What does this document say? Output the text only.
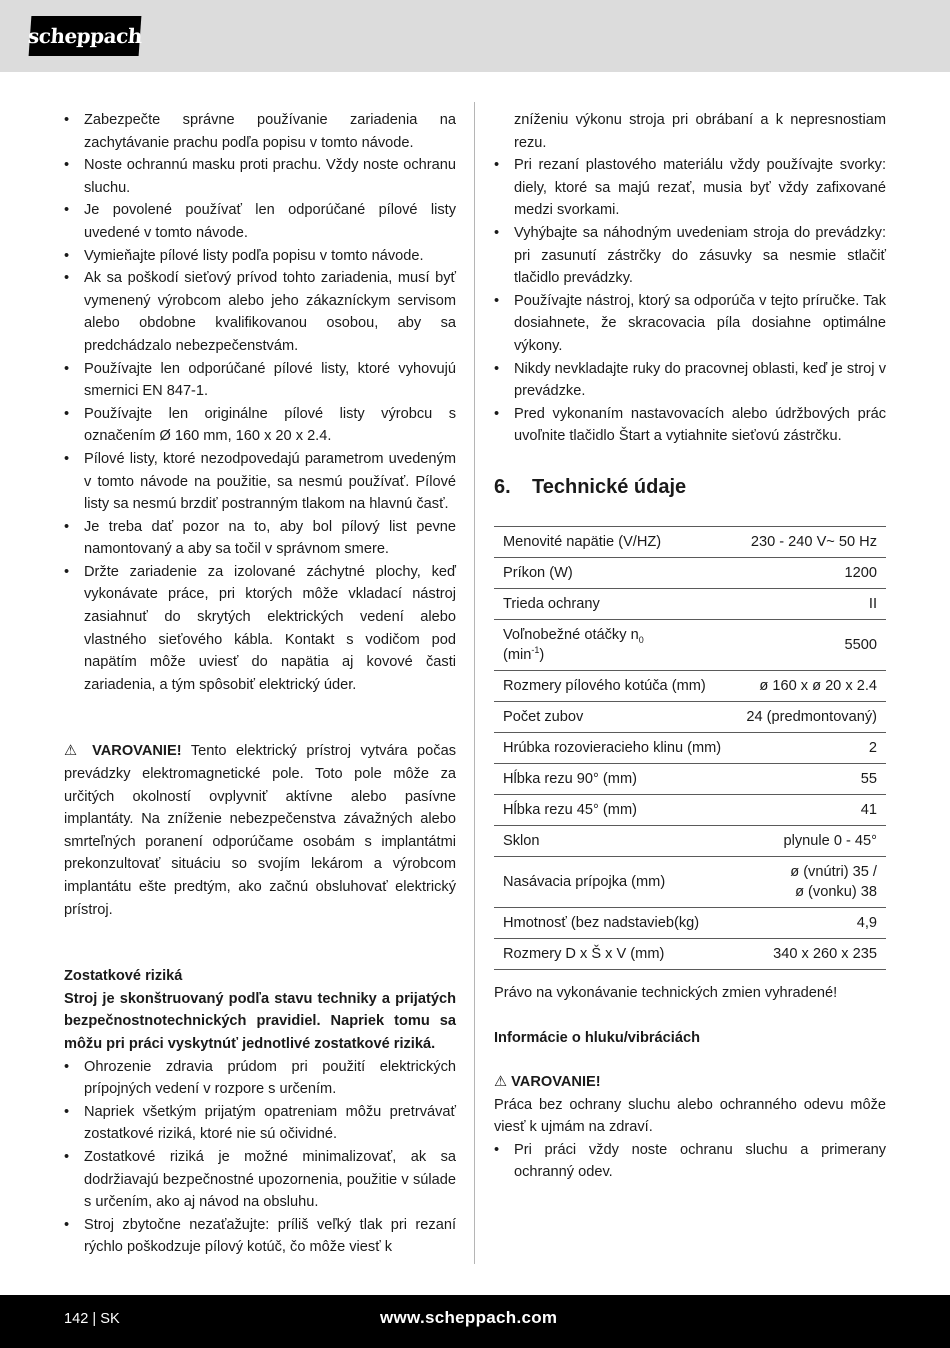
scheppach
• Zabezpečte správne používanie zariadenia na zachytávanie prachu podľa popisu v tomto návode.
• Noste ochrannú masku proti prachu. Vždy noste ochranu sluchu.
• Je povolené používať len odporúčané pílové listy uvedené v tomto návode.
• Vymieňajte pílové listy podľa popisu v tomto návode.
• Ak sa poškodí sieťový prívod tohto zariadenia, musí byť vymenený výrobcom alebo jeho zákazníckym servisom alebo obdobne kvalifikovanou osobou, aby sa predchádzalo nebezpečenstvám.
• Používajte len odporúčané pílové listy, ktoré vyhovujú smernici EN 847-1.
• Používajte len originálne pílové listy výrobcu s označením Ø 160 mm, 160 x 20 x 2.4.
• Pílové listy, ktoré nezodpovedajú parametrom uvedeným v tomto návode na použitie, sa nesmú používať. Pílové listy sa nesmú brzdiť postranným tlakom na hlavnú časť.
• Je treba dať pozor na to, aby bol pílový list pevne namontovaný a aby sa točil v správnom smere.
• Držte zariadenie za izolované záchytné plochy, keď vykonávate práce, pri ktorých môže vkladací nástroj zasiahnuť do skrytých elektrických vedení alebo vlastného sieťového kábla. Kontakt s vodičom pod napätím môže uviesť do napätia aj kovové časti zariadenia, a tým spôsobiť elektrický úder.

⚠ VAROVANIE! Tento elektrický prístroj vytvára počas prevádzky elektromagnetické pole. Toto pole môže za určitých okolností ovplyvniť aktívne alebo pasívne implantáty. Na zníženie nebezpečenstva závažných alebo smrteľných poranení odporúčame osobám s implantátmi prekonzultovať situáciu so svojím lekárom a výrobcom implantátu ešte predtým, ako začnú obsluhovať elektrický prístroj.

Zostatkové riziká

Stroj je skonštruovaný podľa stavu techniky a prijatých bezpečnostnotechnických pravidiel. Napriek tomu sa môžu pri práci vyskytnúť jednotlivé zostatkové riziká.

• Ohrozenie zdravia prúdom pri použití elektrických prípojných vedení v rozpore s určením.
• Napriek všetkým prijatým opatreniam môžu pretrvávať zostatkové riziká, ktoré nie sú očividné.
• Zostatkové riziká je možné minimalizovať, ak sa dodržiavajú bezpečnostné upozornenia, použitie v súlade s určením, ako aj návod na obsluhu.
• Stroj zbytočne nezaťažujte: príliš veľký tlak pri rezaní rýchlo poškodzuje pílový kotúč, čo môže viesť k

zníženiu výkonu stroja pri obrábaní a k nepresnostiam rezu.

• Pri rezaní plastového materiálu vždy používajte svorky: diely, ktoré sa majú rezať, musia byť vždy zafixované medzi svorkami.
• Vyhýbajte sa náhodným uvedeniam stroja do prevádzky: pri zasunutí zástrčky do zásuvky sa nesmie stlačiť tlačidlo prevádzky.
• Používajte nástroj, ktorý sa odporúča v tejto príručke. Tak dosiahnete, že skracovacia píla dosiahne optimálne výkony.
• Nikdy nevkladajte ruky do pracovnej oblasti, keď je stroj v prevádzke.
• Pred vykonaním nastavovacích alebo údržbových prác uvoľnite tlačidlo Štart a vytiahnite sieťovú zástrčku.
6. Technické údaje
Menovité napätie (V/HZ)	230 - 240 V~ 50 Hz
Príkon (W)	1200
Trieda ochrany	II
Voľnobežné otáčky $n_0$
$(\min^{-1})$	5500
Rozmery pílového kotúča (mm)	ø 160 x ø 20 x 2.4
Počet zubov	24 (predmontovaný)
Hrúbka rozovieracieho klinu (mm)	2
Hĺbka rezu 90° (mm)	55
Hĺbka rezu 45° (mm)	41
Sklon	plynule 0 - 45°
Nasávacia prípojka (mm)	ø (vnútri) 35 /
ø (vonku) 38
Hmotnosť (bez nadstavieb(kg)	4,9
Rozmery D x Š x V (mm)	340 x 260 x 235

Právo na vykonávanie technických zmien vyhradené!

Informácie o hluku/vibráciách

⚠ VAROVANIE!

Práca bez ochrany sluchu alebo ochranného odevu môže viesť k ujmám na zdraví.

• Pri práci vždy noste ochranu sluchu a primerany ochranný odev.
142 | SK	www.scheppach.com
